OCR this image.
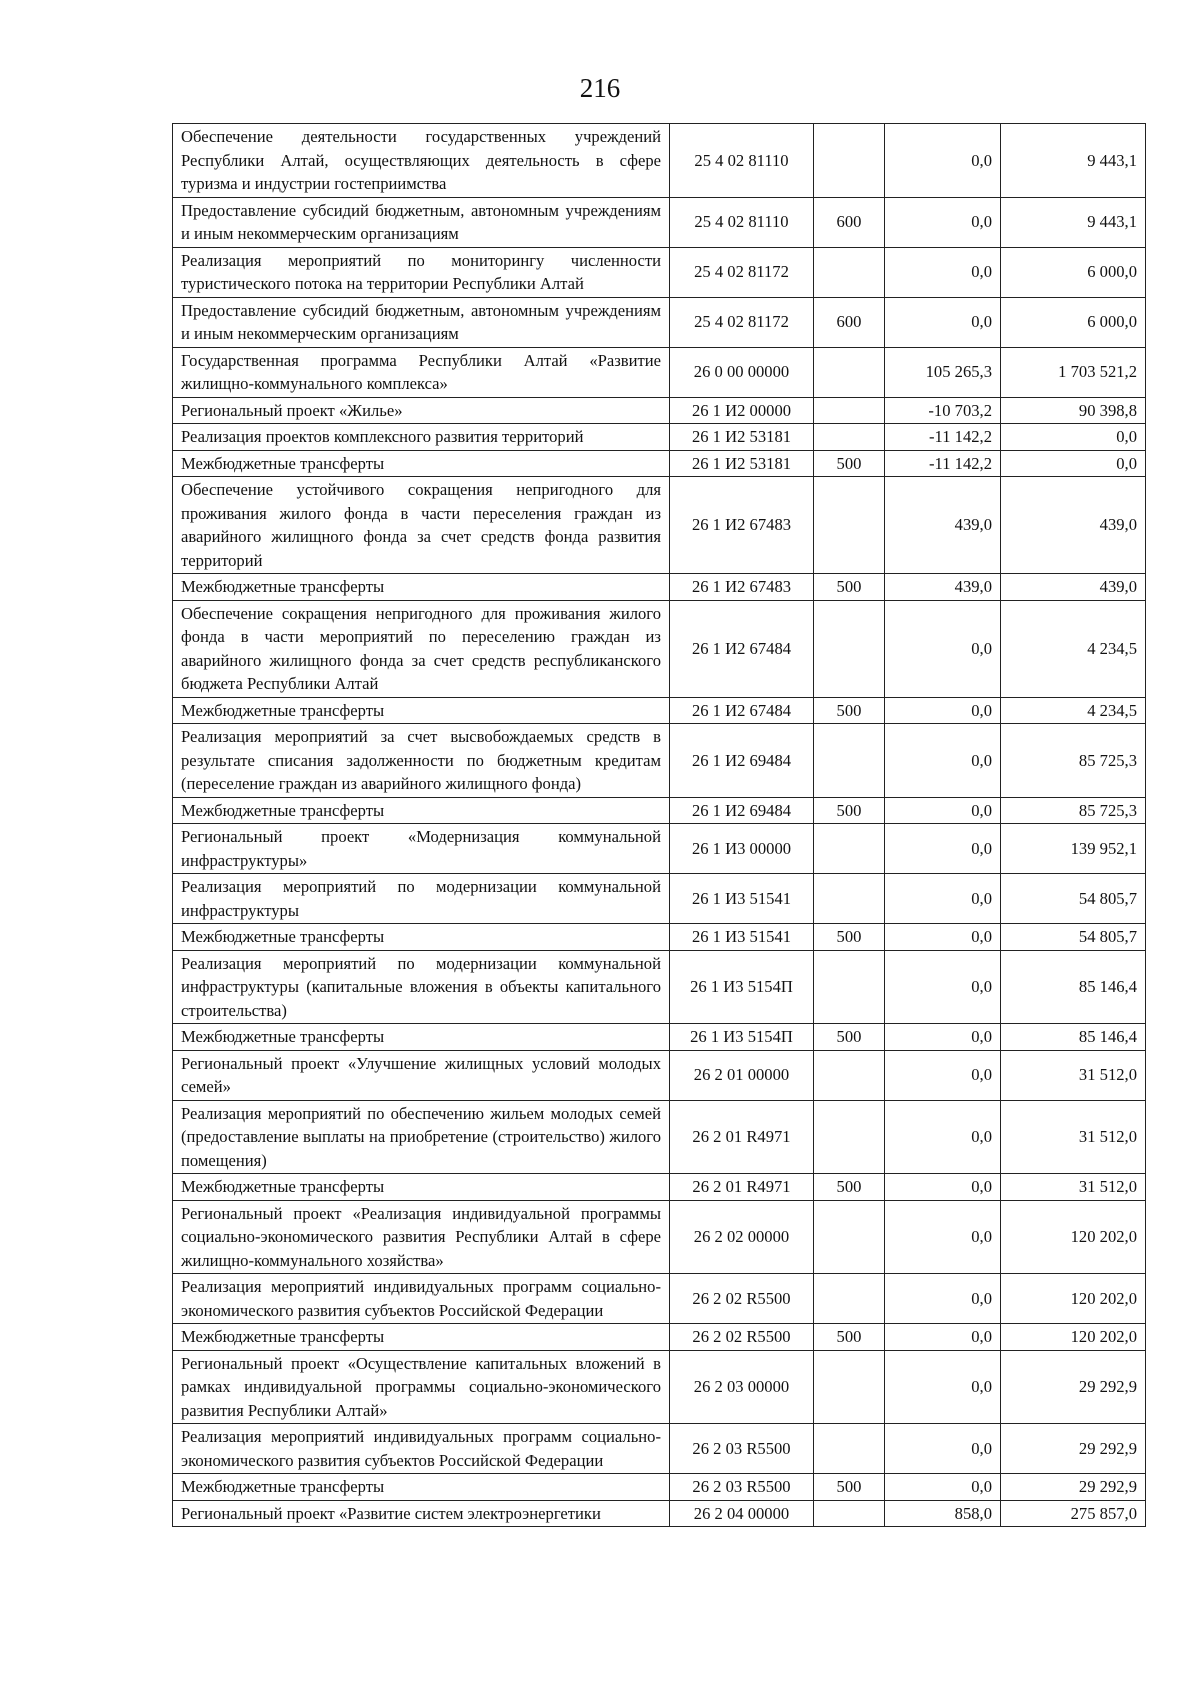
216
Обеспечение деятельности государственных учреждений Республики Алтай, осуществляющих деятельность в сфере туризма и индустрии гостеприимства	25 4 02 81110		0,0	9 443,1
Предоставление субсидий бюджетным, автономным учреждениям и иным некоммерческим организациям	25 4 02 81110	600	0,0	9 443,1
Реализация мероприятий по мониторингу численности туристического потока на территории Республики Алтай	25 4 02 81172		0,0	6 000,0
Предоставление субсидий бюджетным, автономным учреждениям и иным некоммерческим организациям	25 4 02 81172	600	0,0	6 000,0
Государственная программа Республики Алтай «Развитие жилищно-коммунального комплекса»	26 0 00 00000		105 265,3	1 703 521,2
Региональный проект «Жилье»	26 1 И2 00000		-10 703,2	90 398,8
Реализация проектов комплексного развития территорий	26 1 И2 53181		-11 142,2	0,0
Межбюджетные трансферты	26 1 И2 53181	500	-11 142,2	0,0
Обеспечение устойчивого сокращения непригодного для проживания жилого фонда в части переселения граждан из аварийного жилищного фонда за счет средств фонда развития территорий	26 1 И2 67483		439,0	439,0
Межбюджетные трансферты	26 1 И2 67483	500	439,0	439,0
Обеспечение сокращения непригодного для проживания жилого фонда в части мероприятий по переселению граждан из аварийного жилищного фонда за счет средств республиканского бюджета Республики Алтай	26 1 И2 67484		0,0	4 234,5
Межбюджетные трансферты	26 1 И2 67484	500	0,0	4 234,5
Реализация мероприятий за счет высвобождаемых средств в результате списания задолженности по бюджетным кредитам (переселение граждан из аварийного жилищного фонда)	26 1 И2 69484		0,0	85 725,3
Межбюджетные трансферты	26 1 И2 69484	500	0,0	85 725,3
Региональный проект «Модернизация коммунальной инфраструктуры»	26 1 И3 00000		0,0	139 952,1
Реализация мероприятий по модернизации коммунальной инфраструктуры	26 1 И3 51541		0,0	54 805,7
Межбюджетные трансферты	26 1 И3 51541	500	0,0	54 805,7
Реализация мероприятий по модернизации коммунальной инфраструктуры (капитальные вложения в объекты капитального строительства)	26 1 И3 5154П		0,0	85 146,4
Межбюджетные трансферты	26 1 И3 5154П	500	0,0	85 146,4
Региональный проект «Улучшение жилищных условий молодых семей»	26 2 01 00000		0,0	31 512,0
Реализация мероприятий по обеспечению жильем молодых семей (предоставление выплаты на приобретение (строительство) жилого помещения)	26 2 01 R4971		0,0	31 512,0
Межбюджетные трансферты	26 2 01 R4971	500	0,0	31 512,0
Региональный проект «Реализация индивидуальной программы социально-экономического развития Республики Алтай в сфере жилищно-коммунального хозяйства»	26 2 02 00000		0,0	120 202,0
Реализация мероприятий индивидуальных программ социально-экономического развития субъектов Российской Федерации	26 2 02 R5500		0,0	120 202,0
Межбюджетные трансферты	26 2 02 R5500	500	0,0	120 202,0
Региональный проект «Осуществление капитальных вложений в рамках индивидуальной программы социально-экономического развития Республики Алтай»	26 2 03 00000		0,0	29 292,9
Реализация мероприятий индивидуальных программ социально-экономического развития субъектов Российской Федерации	26 2 03 R5500		0,0	29 292,9
Межбюджетные трансферты	26 2 03 R5500	500	0,0	29 292,9
Региональный проект «Развитие систем электроэнергетики	26 2 04 00000		858,0	275 857,0
